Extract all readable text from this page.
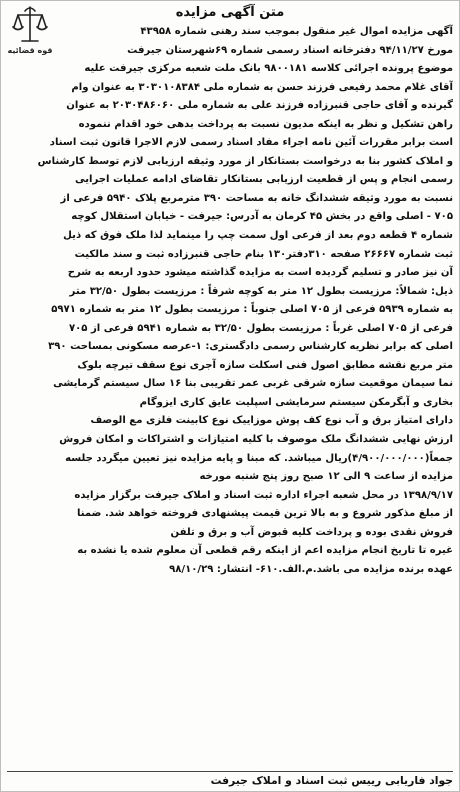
قوه قضائیه
متن آگهی مزایده
آگهی مزایده اموال غیر منقول بموجب سند رهنی شماره ۴۳۹۵۸
مورخ ۹۴/۱۱/۲۷ دفترخانه اسناد رسمی شماره ۶۹شهرستان جیرفت
موضوع پرونده اجرائی کلاسه ۹۸۰۰۱۸۱ بانک ملت شعبه مرکزی جیرفت علیه
آقای غلام محمد رفیعی فرزند حسن به شماره ملی ۳۰۳۰۱۰۸۳۸۴ به عنوان وام
گیرنده و آقای حاجی قنبرزاده فرزند علی به شماره ملی ۲۰۳۰۴۸۶۰۶۰ به عنوان
راهن تشکیل و نظر به اینکه مدیون نسبت به پرداخت بدهی خود اقدام ننموده
است برابر مقررات آئین نامه اجراء مفاد اسناد رسمی لازم الاجرا قانون ثبت اسناد
و املاک کشور بنا به درخواست بستانکار از مورد وثیقه ارزیابی لازم توسط کارشناس
رسمی انجام و پس از قطعیت ارزیابی بستانکار تقاضای ادامه عملیات اجرایی
نسبت به مورد وثیقه ششدانگ خانه به مساحت ۳۹۰ مترمربع پلاک ۵۹۴۰ فرعی از
۷۰۵ - اصلی واقع در بخش ۴۵ کرمان به آدرس: جیرفت - خیابان استقلال کوچه
شماره ۴ قطعه دوم بعد از فرعی اول سمت چپ را مینماید لذا ملک فوق که ذیل
ثبت شماره ۲۶۶۶۷ صفحه ۳۱۰دفتر۱۳۰ بنام حاجی قنبرزاده ثبت و سند مالکیت
آن نیز صادر و تسلیم گردیده است به مزایده گذاشته میشود حدود اربعه به شرح
ذیل: شمالاً: مرزیست بطول ۱۲ متر به کوچه شرقاً : مرزیست بطول ۳۲/۵۰ متر
به شماره ۵۹۳۹ فرعی از ۷۰۵ اصلی جنوباً : مرزیست بطول ۱۲ متر به شماره ۵۹۷۱
فرعی از ۷۰۵ اصلی غرباً : مرزیست بطول ۳۲/۵۰ به شماره ۵۹۴۱ فرعی از ۷۰۵
اصلی که برابر نظریه کارشناس رسمی دادگستری: ۱-عرصه مسکونی بمساحت ۳۹۰
متر مربع نقشه مطابق اصول فنی اسکلت سازه آجری نوع سقف تیرچه بلوک
نما سیمان موقعیت سازه شرقی غربی عمر تقریبی بنا ۱۶ سال سیستم گرمایشی
بخاری و آبگرمکن سیستم سرمایشی اسپلیت عایق کاری ایزوگام
دارای امتیاز برق و آب نوع کف پوش موزاییک نوع کابینت فلزی مع الوصف
ارزش نهایی ششدانگ ملک موصوف با کلیه امتیازات و اشتراکات و امکان فروش
جمعاً(۴/۹۰۰/۰۰۰/۰۰۰)ریال میباشد. که مبنا و پایه مزایده نیز تعیین میگردد جلسه
مزایده از ساعت ۹ الی ۱۲ صبح روز پنج شنبه مورخه
۱۳۹۸/۹/۱۷ در محل شعبه اجراء اداره ثبت اسناد و املاک جیرفت برگزار مزایده
از مبلغ مذکور شروع و به بالا ترین قیمت پیشنهادی فروخته خواهد شد. ضمنا
فروش نقدی بوده و پرداخت کلیه قبوض آب و برق و تلفن
غیره تا تاریخ انجام مزایده اعم از اینکه رقم قطعی آن معلوم شده یا نشده به
عهده برنده مزایده می باشد.م.الف.۶۱۰- انتشار: ۹۸/۱۰/۲۹
جواد فاریابی رییس ثبت اسناد و املاک جیرفت
